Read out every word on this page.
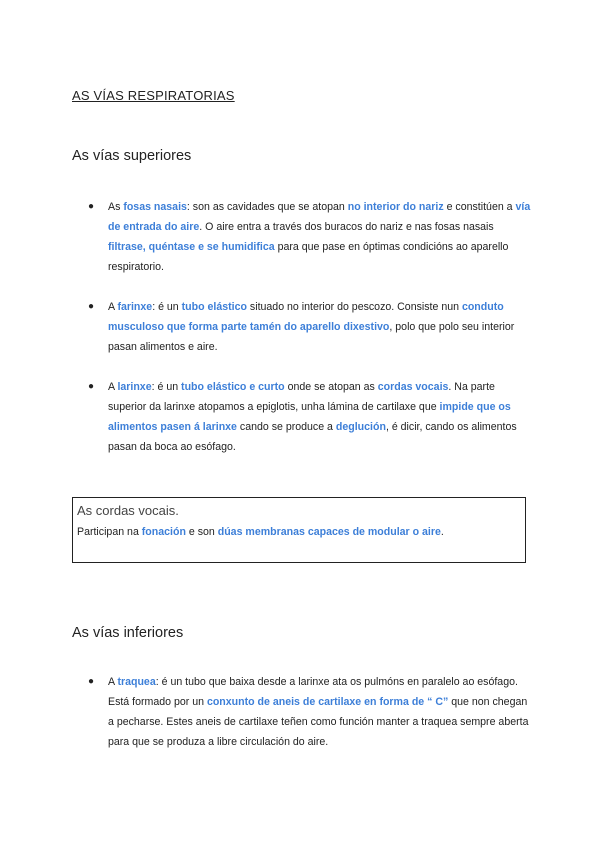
AS VÍAS RESPIRATORIAS
As vías superiores
● As fosas nasais: son as cavidades que se atopan no interior do nariz e constitúen a vía de entrada do aire. O aire entra a través dos buracos do nariz e nas fosas nasais filtrase, quéntase e se humidifica para que pase en óptimas condicións ao aparello respiratorio.
● A farinxe: é un tubo elástico situado no interior do pescozo. Consiste nun conduto musculoso que forma parte tamén do aparello dixestivo, polo que polo seu interior pasan alimentos e aire.
● A larinxe: é un tubo elástico e curto onde se atopan as cordas vocais. Na parte superior da larinxe atopamos a epiglotis, unha lámina de cartilaxe que impide que os alimentos pasen á larinxe cando se produce a deglución, é dicir, cando os alimentos pasan da boca ao esófago.
As cordas vocais.
Participan na fonación e son dúas membranas capaces de modular o aire.
As vías inferiores
● A traquea: é un tubo que baixa desde a larinxe ata os pulmóns en paralelo ao esófago. Está formado por un conxunto de aneis de cartilaxe en forma de “ C” que non chegan a pecharse. Estes aneis de cartilaxe teñen como función manter a traquea sempre aberta para que se produza a libre circulación do aire.
